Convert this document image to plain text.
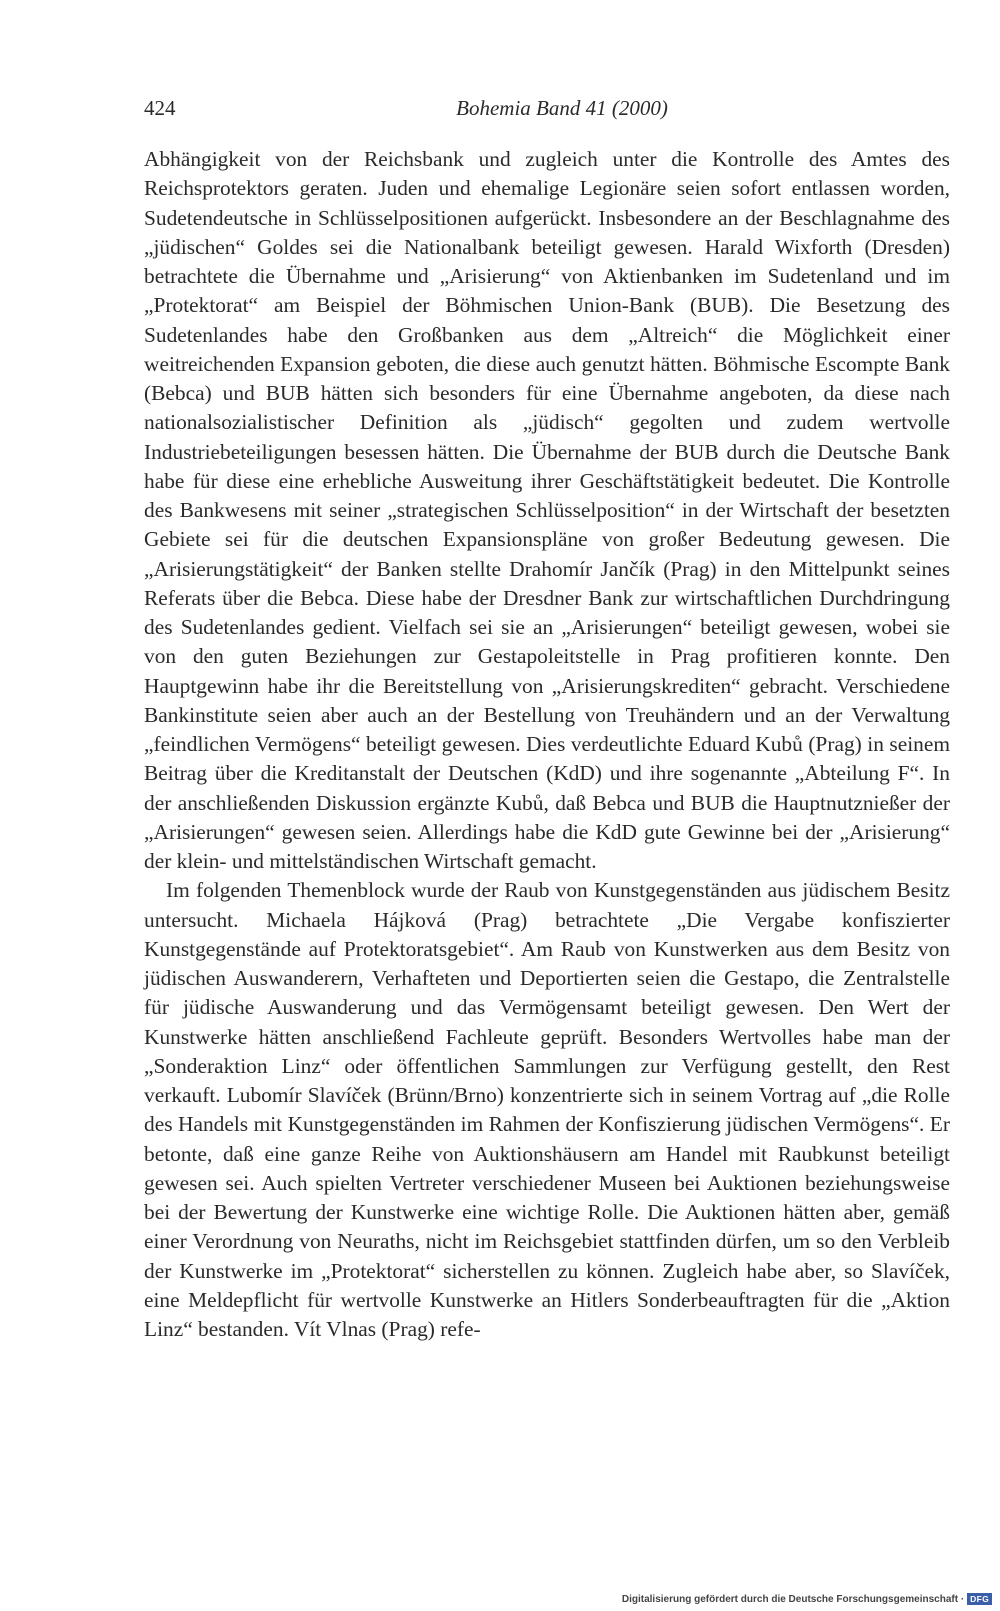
424	Bohemia Band 41 (2000)

Abhängigkeit von der Reichsbank und zugleich unter die Kontrolle des Amtes des Reichsprotektors geraten. Juden und ehemalige Legionäre seien sofort entlassen worden, Sudetendeutsche in Schlüsselpositionen aufgerückt. Insbesondere an der Beschlagnahme des „jüdischen“ Goldes sei die Nationalbank beteiligt gewesen. Harald Wixforth (Dresden) betrachtete die Übernahme und „Arisierung“ von Aktienbanken im Sudetenland und im „Protektorat“ am Beispiel der Böhmischen Union-Bank (BUB). Die Besetzung des Sudetenlandes habe den Großbanken aus dem „Altreich“ die Möglichkeit einer weitreichenden Expansion geboten, die diese auch genutzt hätten. Böhmische Escompte Bank (Bebca) und BUB hätten sich besonders für eine Übernahme angeboten, da diese nach nationalsozialistischer Definition als „jüdisch“ gegolten und zudem wertvolle Industriebeteiligungen besessen hätten. Die Übernahme der BUB durch die Deutsche Bank habe für diese eine erhebliche Ausweitung ihrer Geschäftstätigkeit bedeutet. Die Kontrolle des Bankwesens mit seiner „strategischen Schlüsselposition“ in der Wirtschaft der besetzten Gebiete sei für die deutschen Expansionspläne von großer Bedeutung gewesen. Die „Arisierungstätigkeit“ der Banken stellte Drahomír Jančík (Prag) in den Mittelpunkt seines Referats über die Bebca. Diese habe der Dresdner Bank zur wirtschaftlichen Durchdringung des Sudetenlandes gedient. Vielfach sei sie an „Arisierungen“ beteiligt gewesen, wobei sie von den guten Beziehungen zur Gestapoleitstelle in Prag profitieren konnte. Den Hauptgewinn habe ihr die Bereitstellung von „Arisierungskrediten“ gebracht. Verschiedene Bankinstitute seien aber auch an der Bestellung von Treuhändern und an der Verwaltung „feindlichen Vermögens“ beteiligt gewesen. Dies verdeutlichte Eduard Kubů (Prag) in seinem Beitrag über die Kreditanstalt der Deutschen (KdD) und ihre sogenannte „Abteilung F“. In der anschließenden Diskussion ergänzte Kubů, daß Bebca und BUB die Hauptnutznießer der „Arisierungen“ gewesen seien. Allerdings habe die KdD gute Gewinne bei der „Arisierung“ der klein- und mittelständischen Wirtschaft gemacht.

Im folgenden Themenblock wurde der Raub von Kunstgegenständen aus jüdischem Besitz untersucht. Michaela Hájková (Prag) betrachtete „Die Vergabe konfiszierter Kunstgegenstände auf Protektoratsgebiet“. Am Raub von Kunstwerken aus dem Besitz von jüdischen Auswanderern, Verhafteten und Deportierten seien die Gestapo, die Zentralstelle für jüdische Auswanderung und das Vermögensamt beteiligt gewesen. Den Wert der Kunstwerke hätten anschließend Fachleute geprüft. Besonders Wertvolles habe man der „Sonderaktion Linz“ oder öffentlichen Sammlungen zur Verfügung gestellt, den Rest verkauft. Lubomír Slavíček (Brünn/Brno) konzentrierte sich in seinem Vortrag auf „die Rolle des Handels mit Kunstgegenständen im Rahmen der Konfiszierung jüdischen Vermögens“. Er betonte, daß eine ganze Reihe von Auktionshäusern am Handel mit Raubkunst beteiligt gewesen sei. Auch spielten Vertreter verschiedener Museen bei Auktionen beziehungsweise bei der Bewertung der Kunstwerke eine wichtige Rolle. Die Auktionen hätten aber, gemäß einer Verordnung von Neuraths, nicht im Reichsgebiet stattfinden dürfen, um so den Verbleib der Kunstwerke im „Protektorat“ sicherstellen zu können. Zugleich habe aber, so Slavíček, eine Meldepflicht für wertvolle Kunstwerke an Hitlers Sonderbeauftragten für die „Aktion Linz“ bestanden. Vít Vlnas (Prag) refe-

Digitalisierung gefördert durch die Deutsche Forschungsgemeinschaft · DFG
